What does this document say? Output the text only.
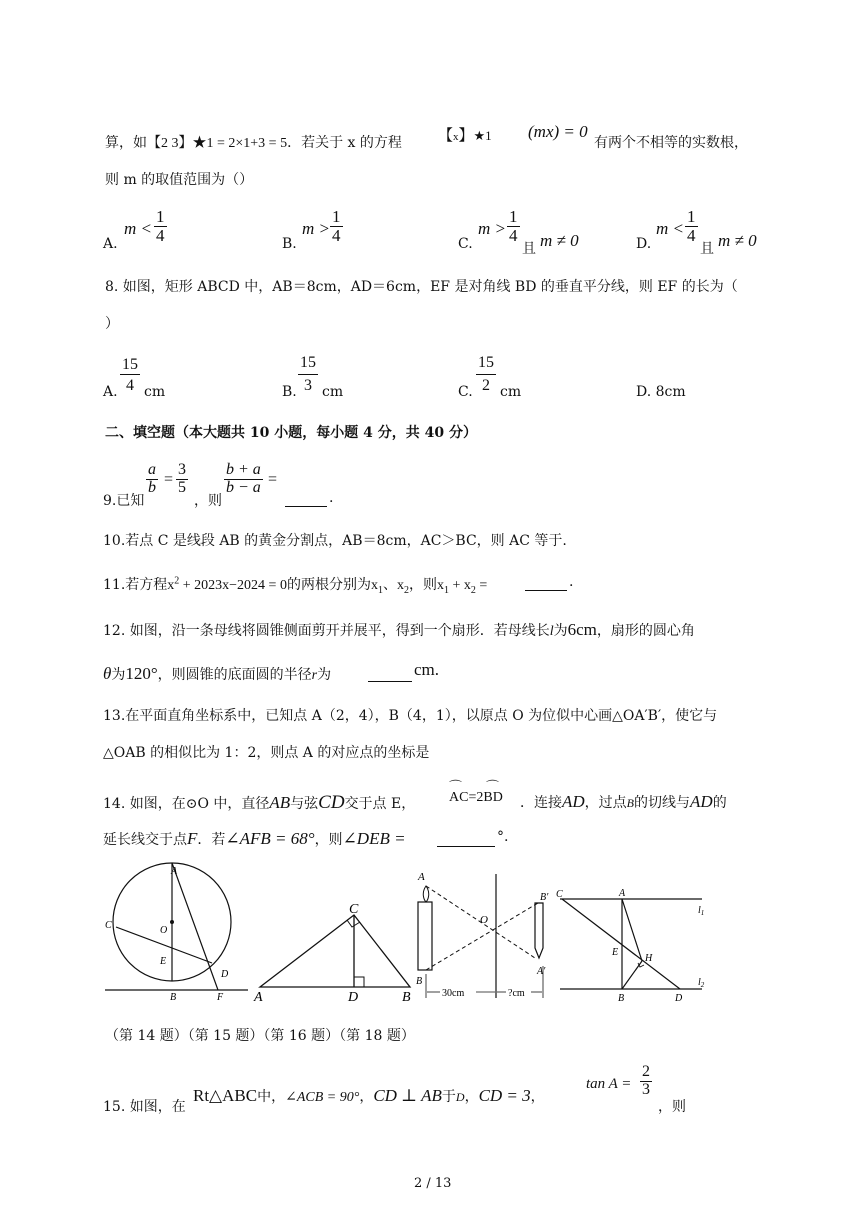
算，如【2 3】★1 = 2×1+3 = 5．若关于 x 的方程 【x】★1 (mx) = 0
有两个不相等的实数根，
则 m 的取值范围为（）
A.
$m < \frac{1}{4}$	B.
$m > \frac{1}{4}$	C.
$m > \frac{1}{4}$
且 m ≠ 0	D.
$m < \frac{1}{4}$
且 m ≠ 0
8. 如图，矩形 ABCD 中，AB＝8cm，AD＝6cm，EF 是对角线 BD 的垂直平分线，则 EF 的长为（
）
A.
15
4 cm	B.
15
3 cm	C.
15
2 cm	D. 8cm
二、填空题（本大题共 10 小题，每小题 4 分，共 40 分）
9.已知
$\frac{a}{b} = \frac{3}{5}$
，则
$\frac{b + a}{b - a}$ =
.
10.若点 C 是线段 AB 的黄金分割点，AB＝8cm，AC＞BC，则 AC 等于.
11.若方程$x^2 + 2023x-2024 = 0$的两根分别为$x_1$、$x_2$，则$x_1 + x_2$ =	.
12. 如图，沿一条母线将圆锥侧面剪开并展平，得到一个扇形．若母线长l为6cm，扇形的圆心角
θ为120°，则圆锥的底面圆的半径r为	cm.
13.在平面直角坐标系中，已知点 A（2，4），B（4，1），以原点 O 为位似中心画△OA′B′，使它与
△OAB 的相似比为 1：2，则点 A 的对应点的坐标是
14. 如图，在⊙O 中，直径AB与弦CD交于点 E，
⌒ ⌒
AC=2BD ．连接AD，过点B的切线与AD的
延长线交于点F．若∠AFB = 68°，则∠DEB =	°.
A
C	O
E
D
B	F A
C
D	B
A
O
B′
A′
B
30cm	?cm
C	A
E
H
B	D
$l_1$
$l_2$
（第 14 题）（第 15 题）（第 16 题）（第 18 题）
15. 如图，在
Rt△ABC中，∠ACB = 90°，CD ⊥ AB于D，CD = 3，
$\tan A = \frac{2}{3}$
，则
2 / 13
